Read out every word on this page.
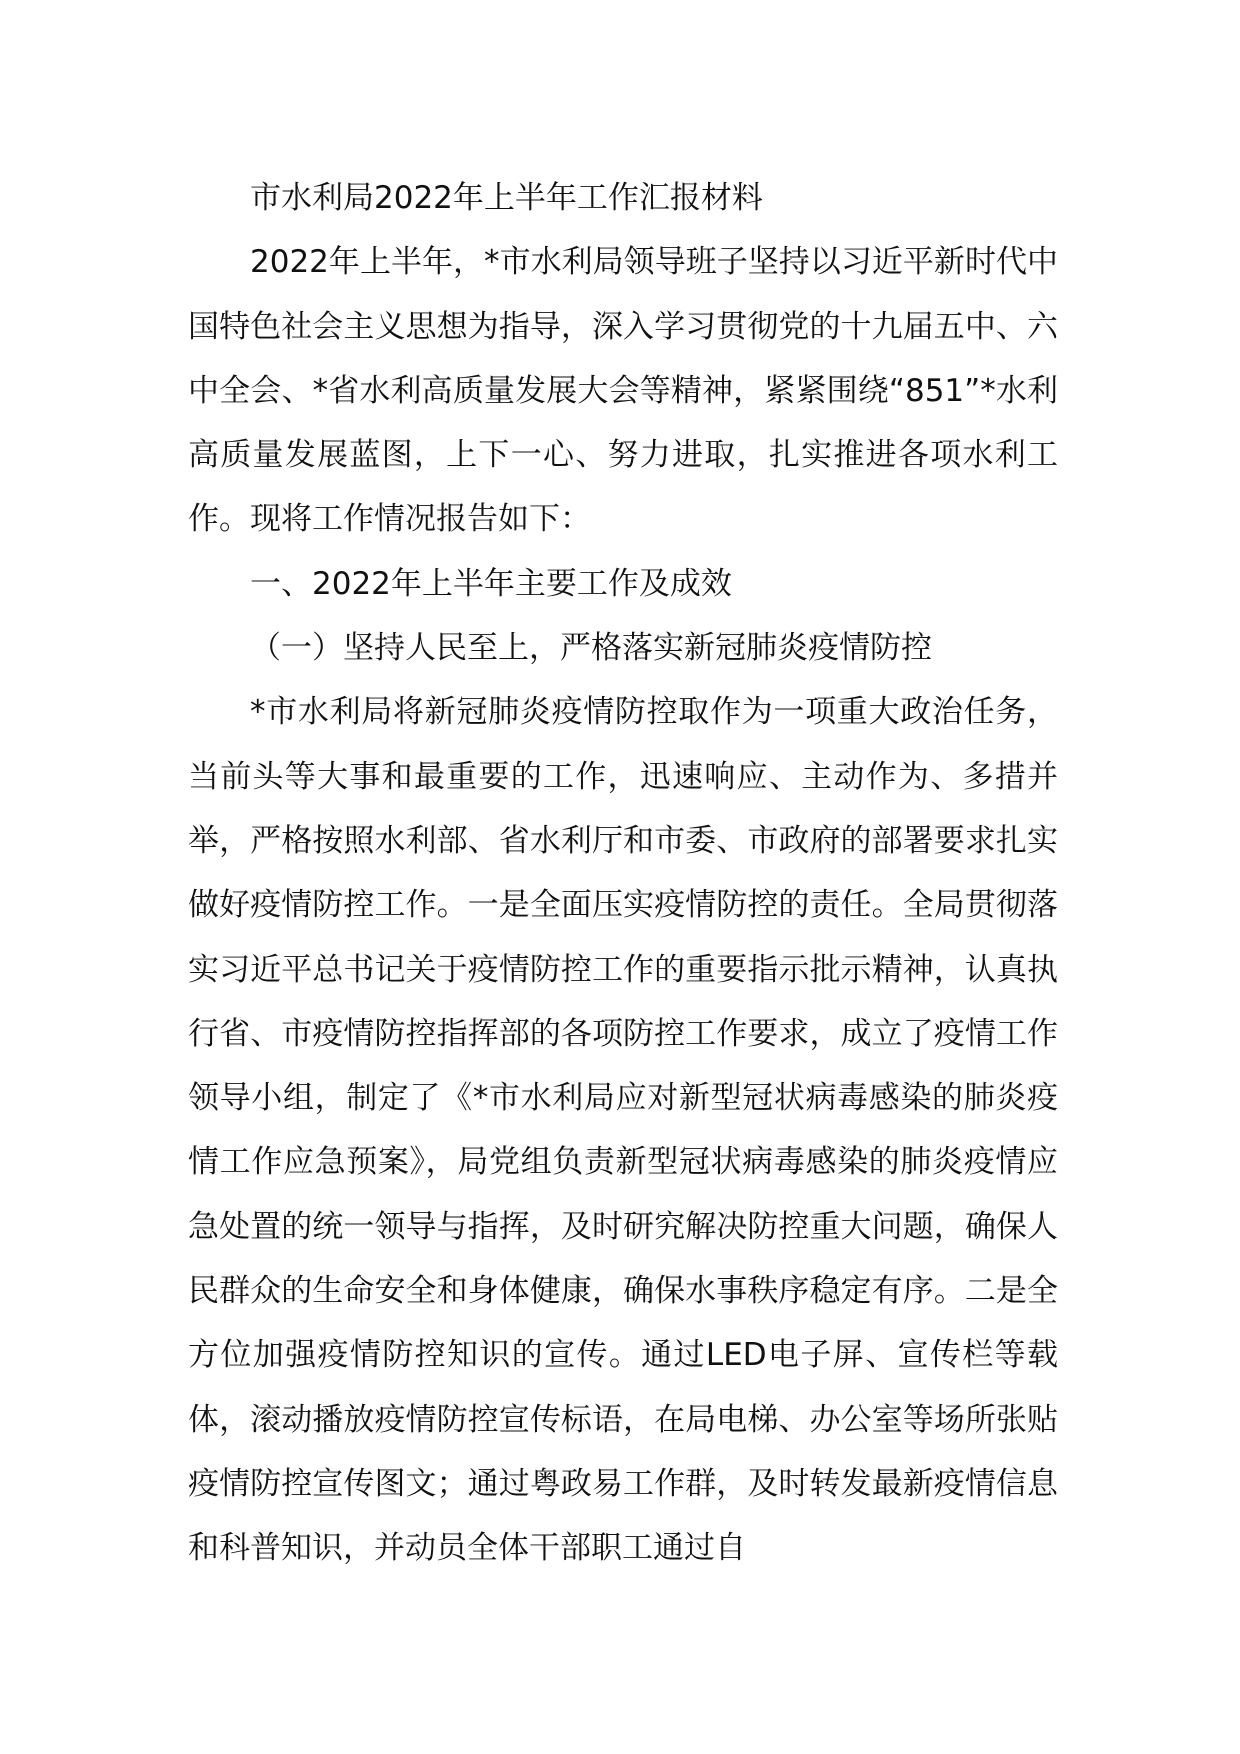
市水利局2022年上半年工作汇报材料

2022年上半年，*市水利局领导班子坚持以习近平新时代中国特色社会主义思想为指导，深入学习贯彻党的十九届五中、六中全会、*省水利高质量发展大会等精神，紧紧围绕“851”*水利高质量发展蓝图，上下一心、努力进取，扎实推进各项水利工作。现将工作情况报告如下：

一、2022年上半年主要工作及成效

（一）坚持人民至上，严格落实新冠肺炎疫情防控

*市水利局将新冠肺炎疫情防控取作为一项重大政治任务，当前头等大事和最重要的工作，迅速响应、主动作为、多措并举，严格按照水利部、省水利厅和市委、市政府的部署要求扎实做好疫情防控工作。一是全面压实疫情防控的责任。全局贯彻落实习近平总书记关于疫情防控工作的重要指示批示精神，认真执行省、市疫情防控指挥部的各项防控工作要求，成立了疫情工作领导小组，制定了《*市水利局应对新型冠状病毒感染的肺炎疫情工作应急预案》，局党组负责新型冠状病毒感染的肺炎疫情应急处置的统一领导与指挥，及时研究解决防控重大问题，确保人民群众的生命安全和身体健康，确保水事秩序稳定有序。二是全方位加强疫情防控知识的宣传。通过LED电子屏、宣传栏等载体，滚动播放疫情防控宣传标语，在局电梯、办公室等场所张贴疫情防控宣传图文；通过粤政易工作群，及时转发最新疫情信息和科普知识，并动员全体干部职工通过自
